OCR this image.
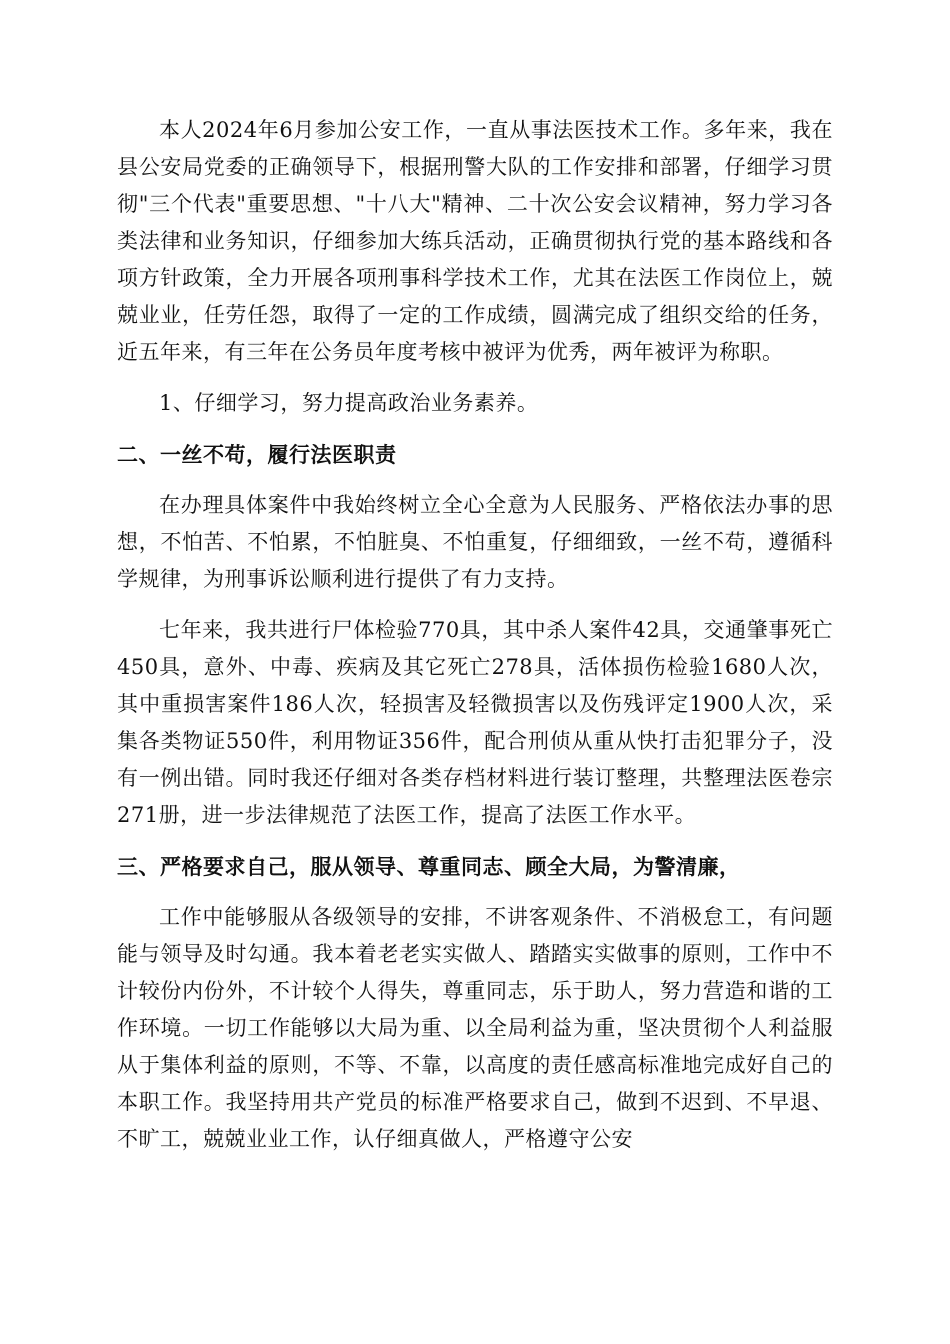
本人2024年6月参加公安工作，一直从事法医技术工作。多年来，我在县公安局党委的正确领导下，根据刑警大队的工作安排和部署，仔细学习贯彻"三个代表"重要思想、"十八大"精神、二十次公安会议精神，努力学习各类法律和业务知识，仔细参加大练兵活动，正确贯彻执行党的基本路线和各项方针政策，全力开展各项刑事科学技术工作，尤其在法医工作岗位上，兢兢业业，任劳任怨，取得了一定的工作成绩，圆满完成了组织交给的任务，近五年来，有三年在公务员年度考核中被评为优秀，两年被评为称职。

1、仔细学习，努力提高政治业务素养。

二、一丝不苟，履行法医职责

在办理具体案件中我始终树立全心全意为人民服务、严格依法办事的思想，不怕苦、不怕累，不怕脏臭、不怕重复，仔细细致，一丝不苟，遵循科学规律，为刑事诉讼顺利进行提供了有力支持。

七年来，我共进行尸体检验770具，其中杀人案件42具，交通肇事死亡450具，意外、中毒、疾病及其它死亡278具，活体损伤检验1680人次，其中重损害案件186人次，轻损害及轻微损害以及伤残评定1900人次，采集各类物证550件，利用物证356件，配合刑侦从重从快打击犯罪分子，没有一例出错。同时我还仔细对各类存档材料进行装订整理，共整理法医卷宗271册，进一步法律规范了法医工作，提高了法医工作水平。

三、严格要求自己，服从领导、尊重同志、顾全大局，为警清廉，

工作中能够服从各级领导的安排，不讲客观条件、不消极怠工，有问题能与领导及时勾通。我本着老老实实做人、踏踏实实做事的原则，工作中不计较份内份外，不计较个人得失，尊重同志，乐于助人，努力营造和谐的工作环境。一切工作能够以大局为重、以全局利益为重，坚决贯彻个人利益服从于集体利益的原则，不等、不靠，以高度的责任感高标准地完成好自己的本职工作。我坚持用共产党员的标准严格要求自己，做到不迟到、不早退、不旷工，兢兢业业工作，认仔细真做人，严格遵守公安
